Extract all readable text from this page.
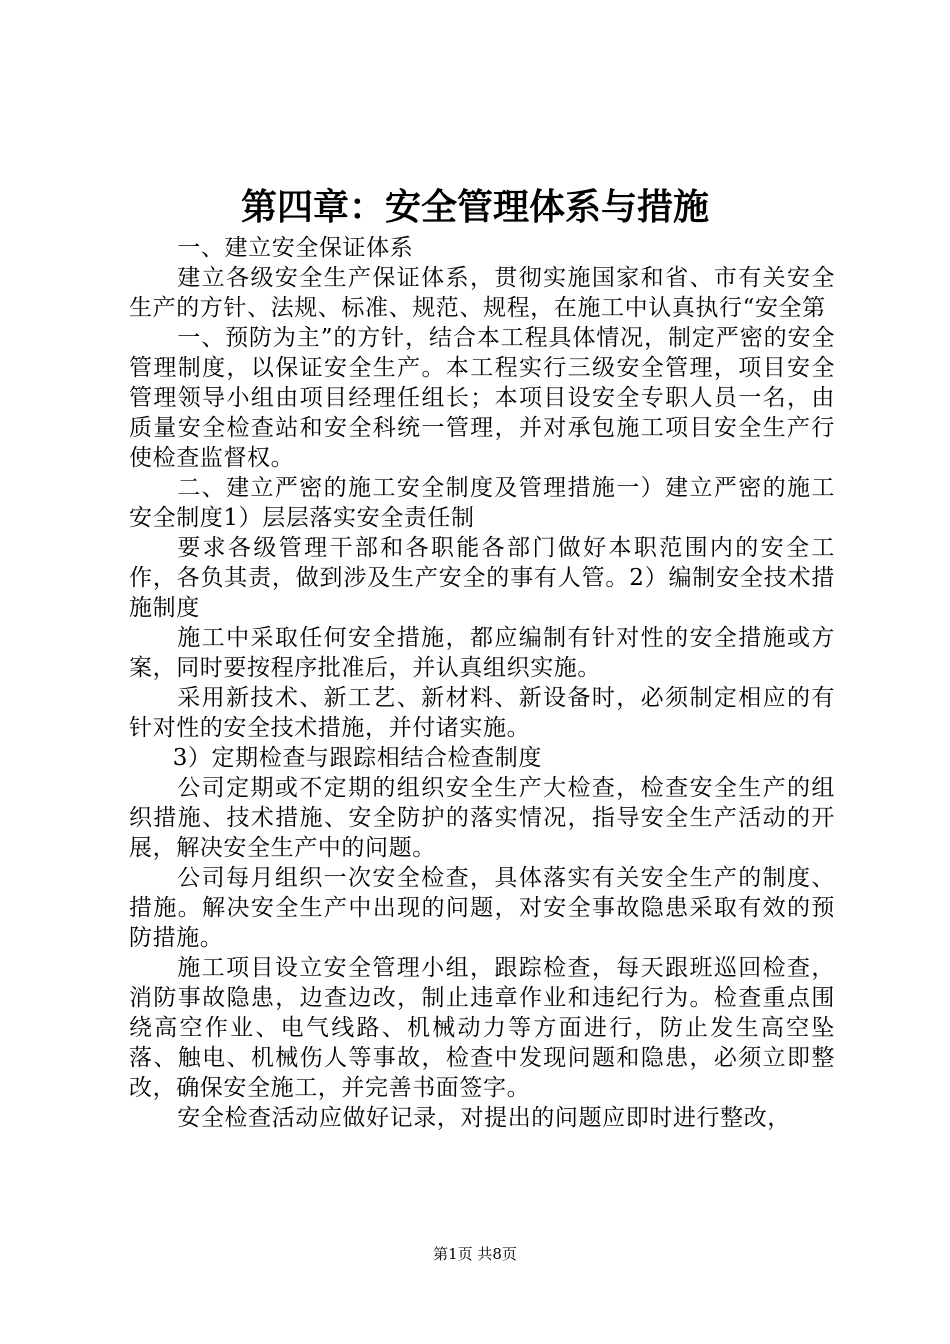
第四章：安全管理体系与措施

一、建立安全保证体系

建立各级安全生产保证体系，贯彻实施国家和省、市有关安全生产的方针、法规、标准、规范、规程，在施工中认真执行“安全第

一、预防为主”的方针，结合本工程具体情况，制定严密的安全管理制度，以保证安全生产。本工程实行三级安全管理，项目安全管理领导小组由项目经理任组长；本项目设安全专职人员一名，由质量安全检查站和安全科统一管理，并对承包施工项目安全生产行使检查监督权。

二、建立严密的施工安全制度及管理措施一）建立严密的施工安全制度1）层层落实安全责任制

要求各级管理干部和各职能各部门做好本职范围内的安全工作，各负其责，做到涉及生产安全的事有人管。2）编制安全技术措施制度

施工中采取任何安全措施，都应编制有针对性的安全措施或方案，同时要按程序批准后，并认真组织实施。

采用新技术、新工艺、新材料、新设备时，必须制定相应的有针对性的安全技术措施，并付诸实施。

3）定期检查与跟踪相结合检查制度

公司定期或不定期的组织安全生产大检查，检查安全生产的组织措施、技术措施、安全防护的落实情况，指导安全生产活动的开展，解决安全生产中的问题。

公司每月组织一次安全检查，具体落实有关安全生产的制度、措施。解决安全生产中出现的问题，对安全事故隐患采取有效的预防措施。

施工项目设立安全管理小组，跟踪检查，每天跟班巡回检查，消防事故隐患，边查边改，制止违章作业和违纪行为。检查重点围绕高空作业、电气线路、机械动力等方面进行，防止发生高空坠落、触电、机械伤人等事故，检查中发现问题和隐患，必须立即整改，确保安全施工，并完善书面签字。

安全检查活动应做好记录，对提出的问题应即时进行整改，

第1页 共8页
